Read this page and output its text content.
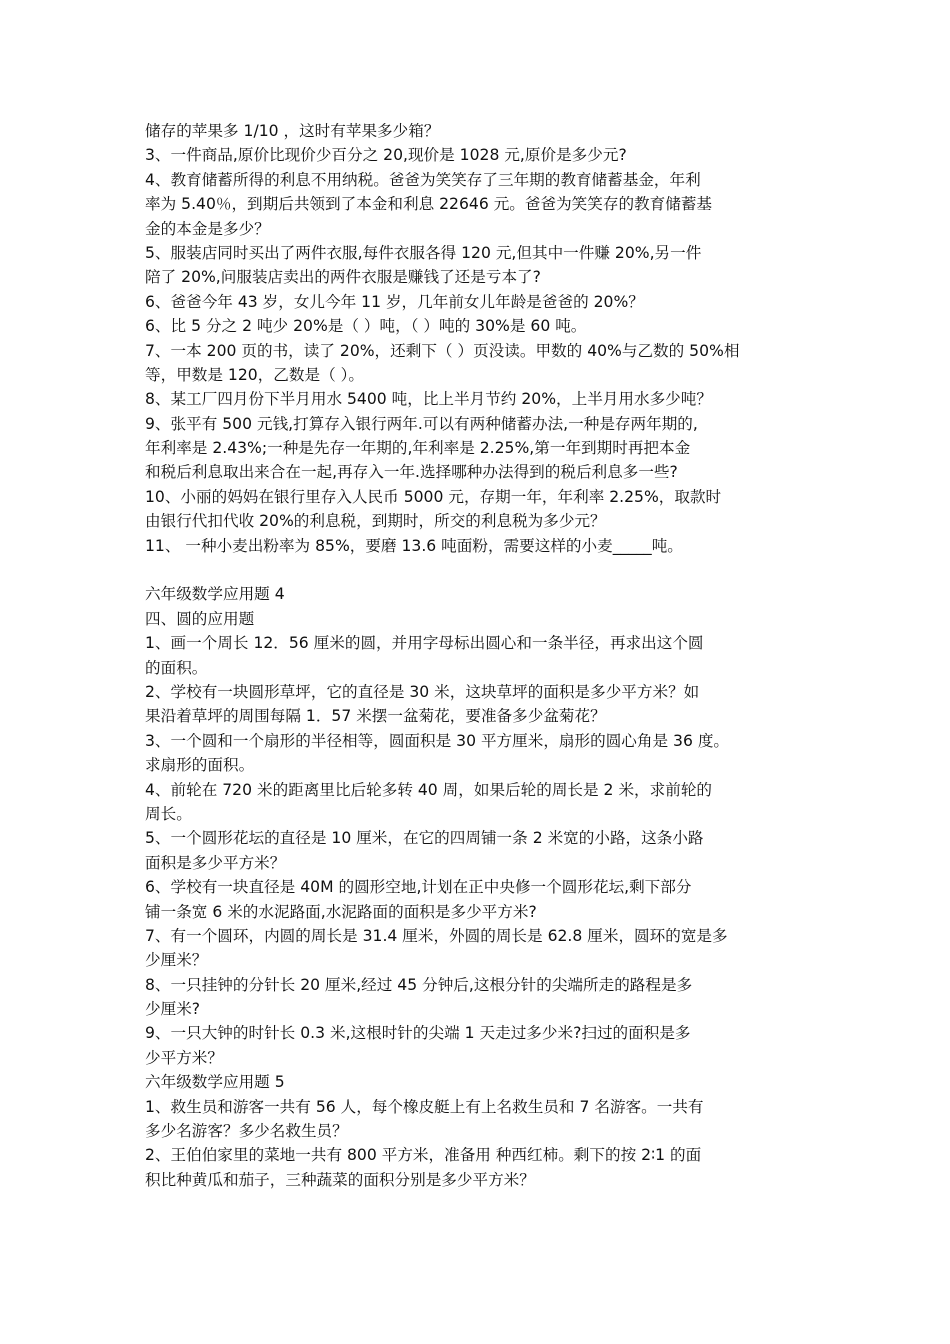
储存的苹果多 1/10 ，这时有苹果多少箱？
3、一件商品,原价比现价少百分之 20,现价是 1028 元,原价是多少元?
4、教育储蓄所得的利息不用纳税。爸爸为笑笑存了三年期的教育储蓄基金，年利
率为 5.40％，到期后共领到了本金和利息 22646 元。爸爸为笑笑存的教育储蓄基
金的本金是多少？
5、服装店同时买出了两件衣服,每件衣服各得 120 元,但其中一件赚 20%,另一件
陪了 20%,问服装店卖出的两件衣服是赚钱了还是亏本了?
6、爸爸今年 43 岁，女儿今年 11 岁，几年前女儿年龄是爸爸的 20%？
6、比 5 分之 2 吨少 20%是（ ）吨，（ ）吨的 30%是 60 吨。
7、一本 200 页的书，读了 20%，还剩下（ ）页没读。甲数的 40%与乙数的 50%相
等，甲数是 120，乙数是（ ）。
8、某工厂四月份下半月用水 5400 吨，比上半月节约 20%，上半月用水多少吨？
9、张平有 500 元钱,打算存入银行两年.可以有两种储蓄办法,一种是存两年期的,
年利率是 2.43%;一种是先存一年期的,年利率是 2.25%,第一年到期时再把本金
和税后利息取出来合在一起,再存入一年.选择哪种办法得到的税后利息多一些?
10、小丽的妈妈在银行里存入人民币 5000 元，存期一年，年利率 2.25%，取款时
由银行代扣代收 20%的利息税，到期时，所交的利息税为多少元？
11、 一种小麦出粉率为 85%，要磨 13.6 吨面粉，需要这样的小麦_____吨。
六年级数学应用题 4
四、圆的应用题
1、画一个周长 12．56 厘米的圆，并用字母标出圆心和一条半径，再求出这个圆
的面积。
2、学校有一块圆形草坪，它的直径是 30 米，这块草坪的面积是多少平方米？如
果沿着草坪的周围每隔 1．57 米摆一盆菊花，要准备多少盆菊花？
3、一个圆和一个扇形的半径相等，圆面积是 30 平方厘米，扇形的圆心角是 36 度。
求扇形的面积。
4、前轮在 720 米的距离里比后轮多转 40 周，如果后轮的周长是 2 米，求前轮的
周长。
5、一个圆形花坛的直径是 10 厘米，在它的四周铺一条 2 米宽的小路，这条小路
面积是多少平方米？
6、学校有一块直径是 40M 的圆形空地,计划在正中央修一个圆形花坛,剩下部分
铺一条宽 6 米的水泥路面,水泥路面的面积是多少平方米?
7、有一个圆环，内圆的周长是 31.4 厘米，外圆的周长是 62.8 厘米，圆环的宽是多
少厘米？
8、一只挂钟的分针长 20 厘米,经过 45 分钟后,这根分针的尖端所走的路程是多
少厘米?
9、一只大钟的时针长 0.3 米,这根时针的尖端 1 天走过多少米?扫过的面积是多
少平方米？
六年级数学应用题 5
1、救生员和游客一共有 56 人，每个橡皮艇上有上名救生员和 7 名游客。一共有
多少名游客？多少名救生员？
2、王伯伯家里的菜地一共有 800 平方米，准备用 种西红柿。剩下的按 2∶1 的面
积比种黄瓜和茄子，三种蔬菜的面积分别是多少平方米？
